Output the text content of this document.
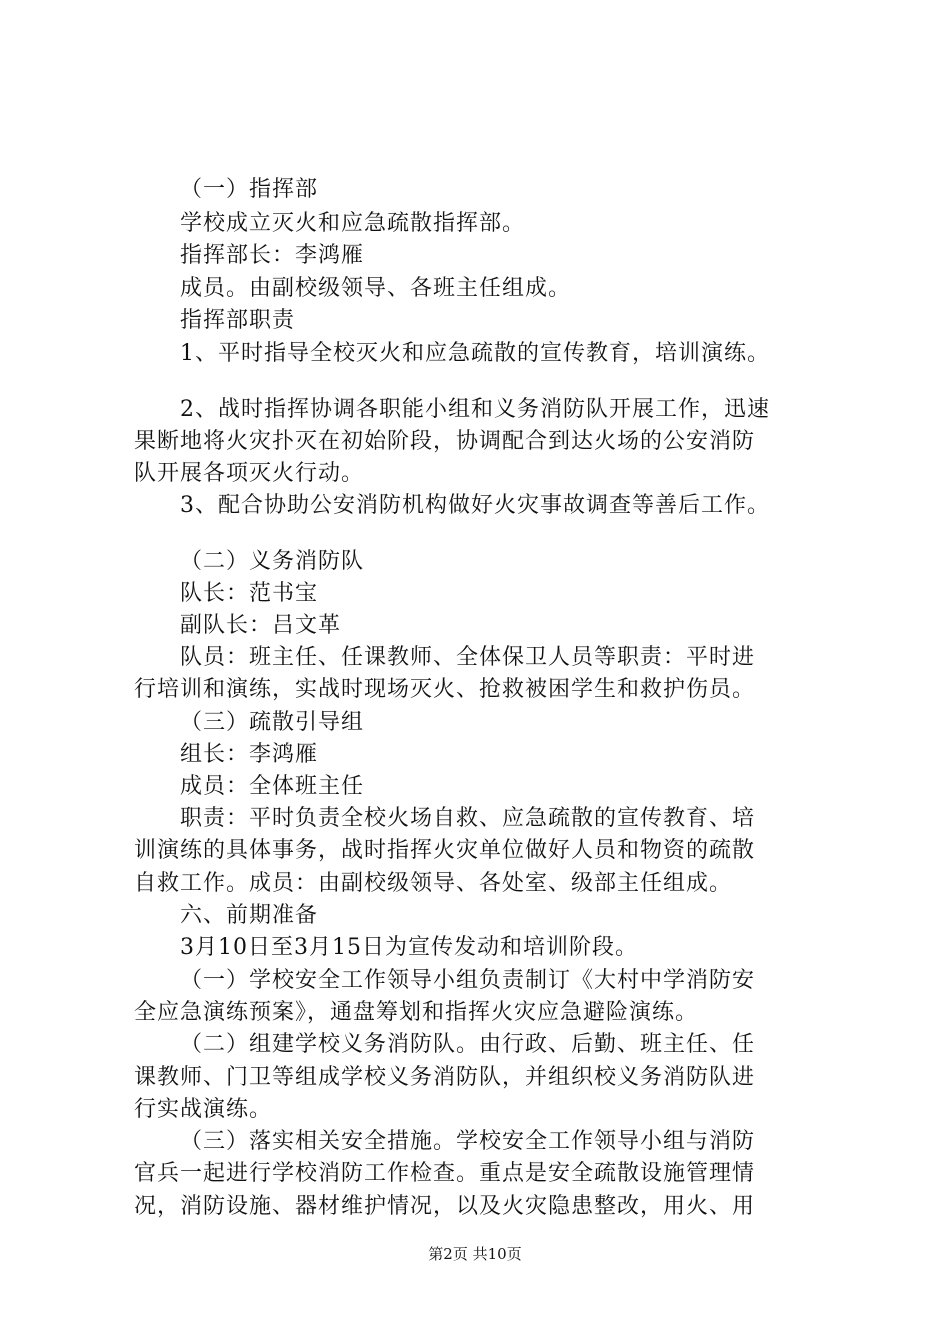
（一）指挥部
学校成立灭火和应急疏散指挥部。
指挥部长：李鸿雁
成员。由副校级领导、各班主任组成。
指挥部职责
1、平时指导全校灭火和应急疏散的宣传教育，培训演练。
2、战时指挥协调各职能小组和义务消防队开展工作，迅速
果断地将火灾扑灭在初始阶段，协调配合到达火场的公安消防
队开展各项灭火行动。
3、配合协助公安消防机构做好火灾事故调查等善后工作。
（二）义务消防队
队长：范书宝
副队长：吕文革
队员：班主任、任课教师、全体保卫人员等职责：平时进
行培训和演练，实战时现场灭火、抢救被困学生和救护伤员。
（三）疏散引导组
组长：李鸿雁
成员：全体班主任
职责：平时负责全校火场自救、应急疏散的宣传教育、培
训演练的具体事务，战时指挥火灾单位做好人员和物资的疏散
自救工作。成员：由副校级领导、各处室、级部主任组成。
六、前期准备
3月10日至3月15日为宣传发动和培训阶段。
（一）学校安全工作领导小组负责制订《大村中学消防安
全应急演练预案》，通盘筹划和指挥火灾应急避险演练。
（二）组建学校义务消防队。由行政、后勤、班主任、任
课教师、门卫等组成学校义务消防队，并组织校义务消防队进
行实战演练。
（三）落实相关安全措施。学校安全工作领导小组与消防
官兵一起进行学校消防工作检查。重点是安全疏散设施管理情
况，消防设施、器材维护情况，以及火灾隐患整改，用火、用
第2页 共10页
